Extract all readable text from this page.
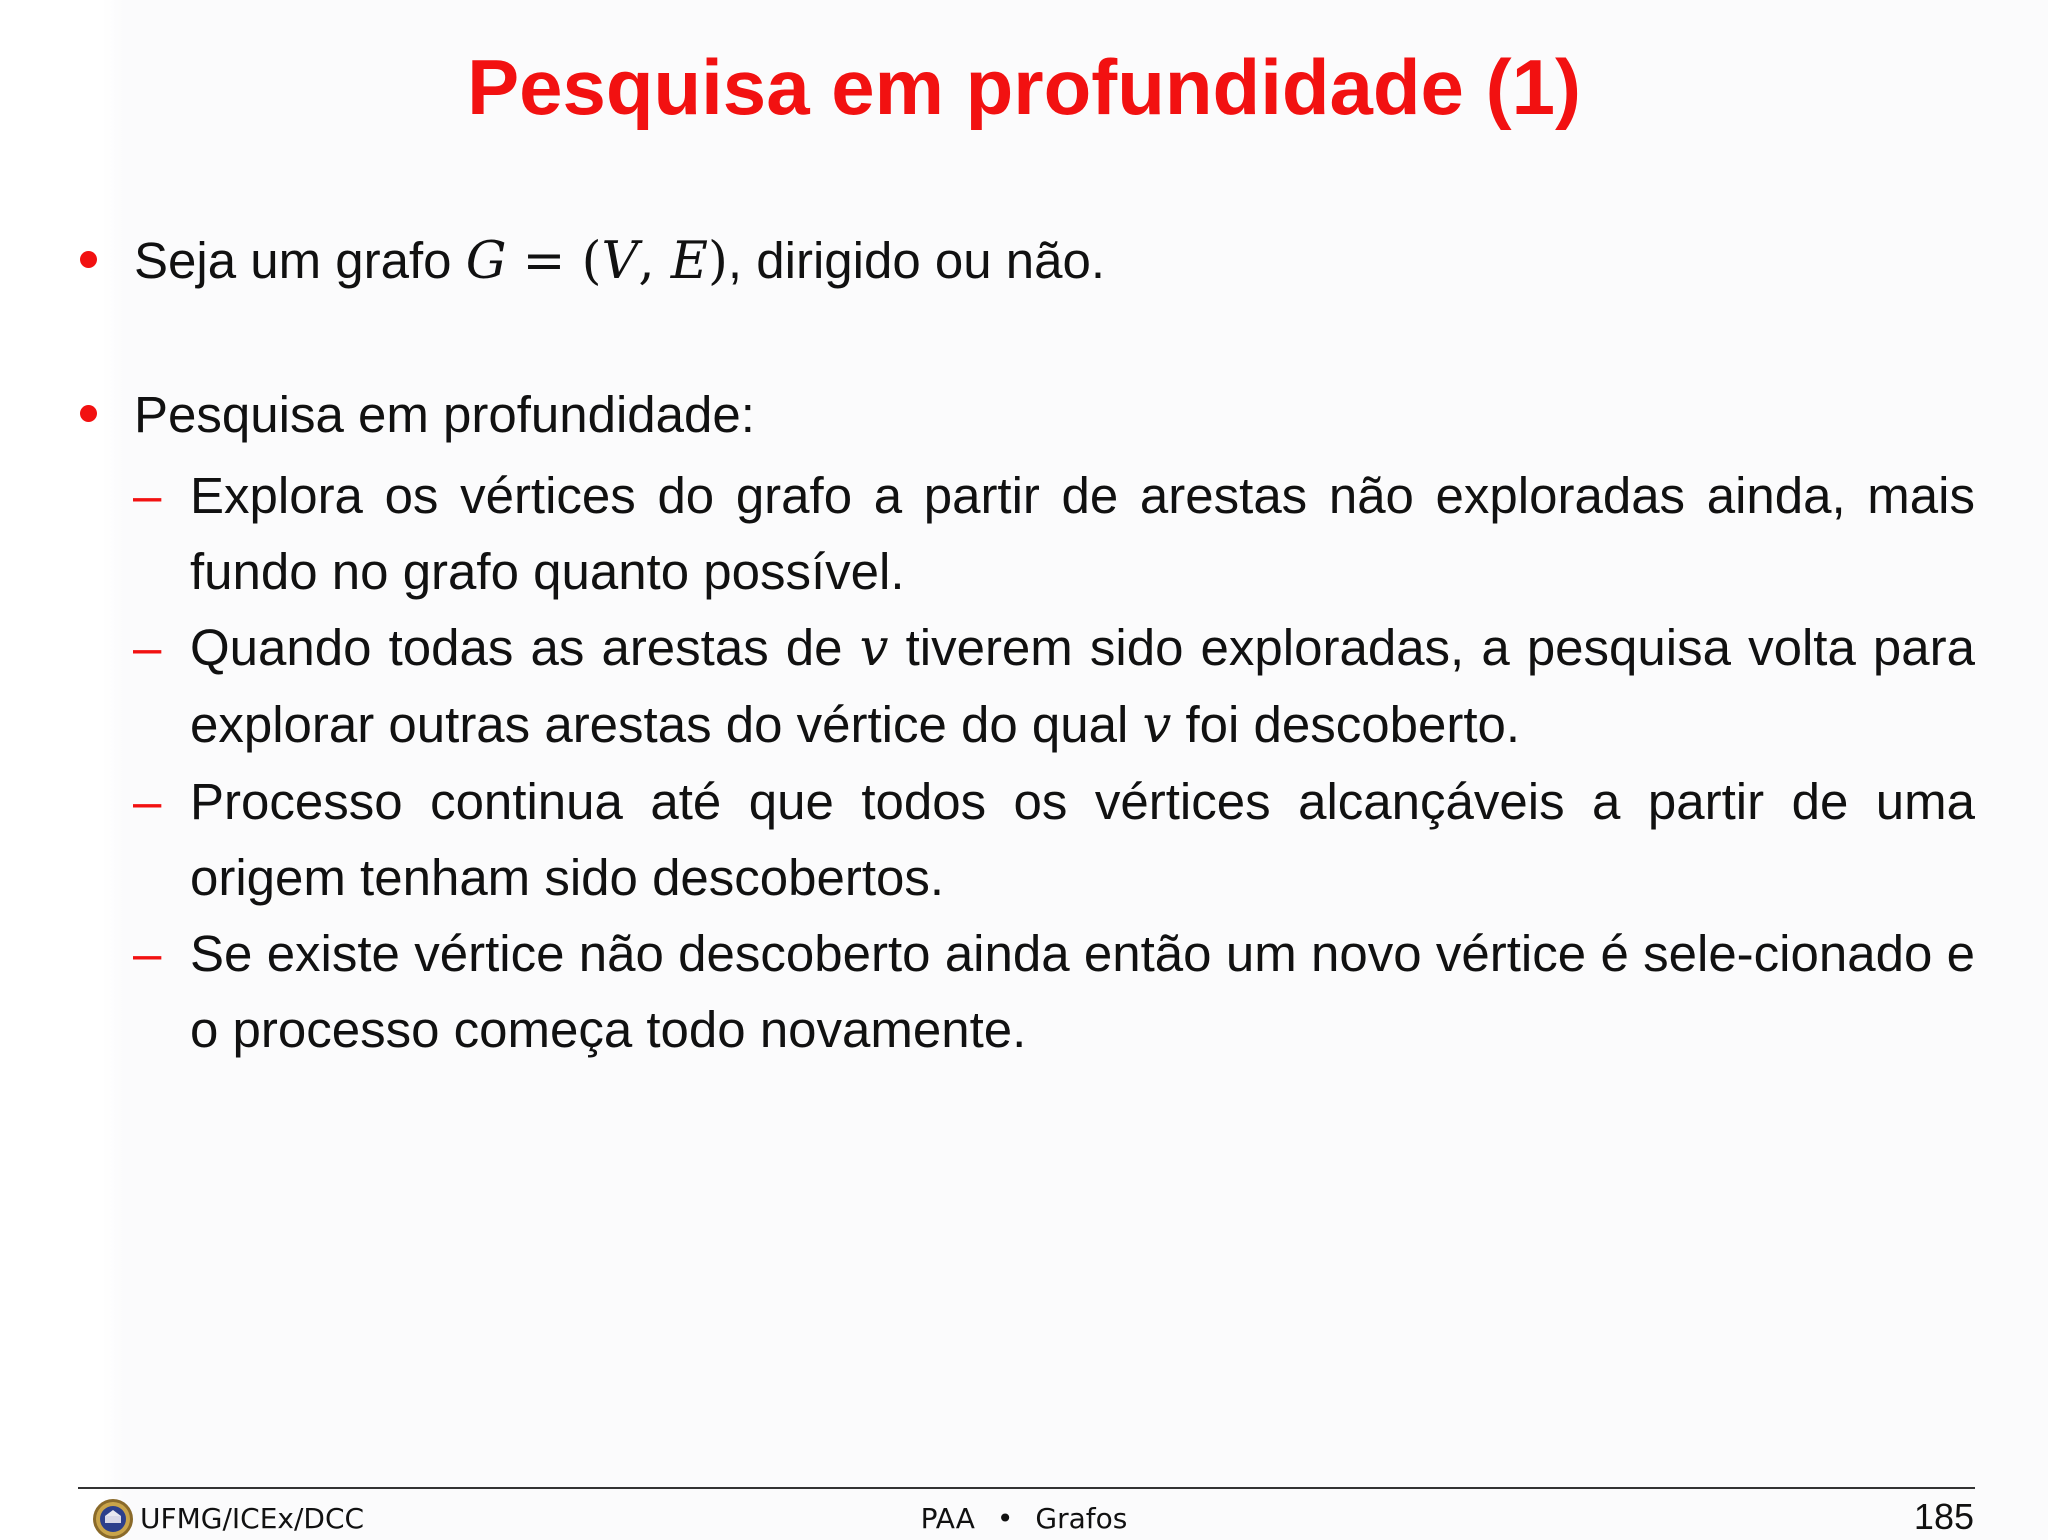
Pesquisa em profundidade (1)
Seja um grafo G = (V, E), dirigido ou não.
Pesquisa em profundidade:
– Explora os vértices do grafo a partir de arestas não exploradas ainda, mais fundo no grafo quanto possível.
– Quando todas as arestas de v tiverem sido exploradas, a pesquisa volta para explorar outras arestas do vértice do qual v foi descoberto.
– Processo continua até que todos os vértices alcançáveis a partir de uma origem tenham sido descobertos.
– Se existe vértice não descoberto ainda então um novo vértice é sele-cionado e o processo começa todo novamente.
UFMG/ICEx/DCC	PAA • Grafos	185
